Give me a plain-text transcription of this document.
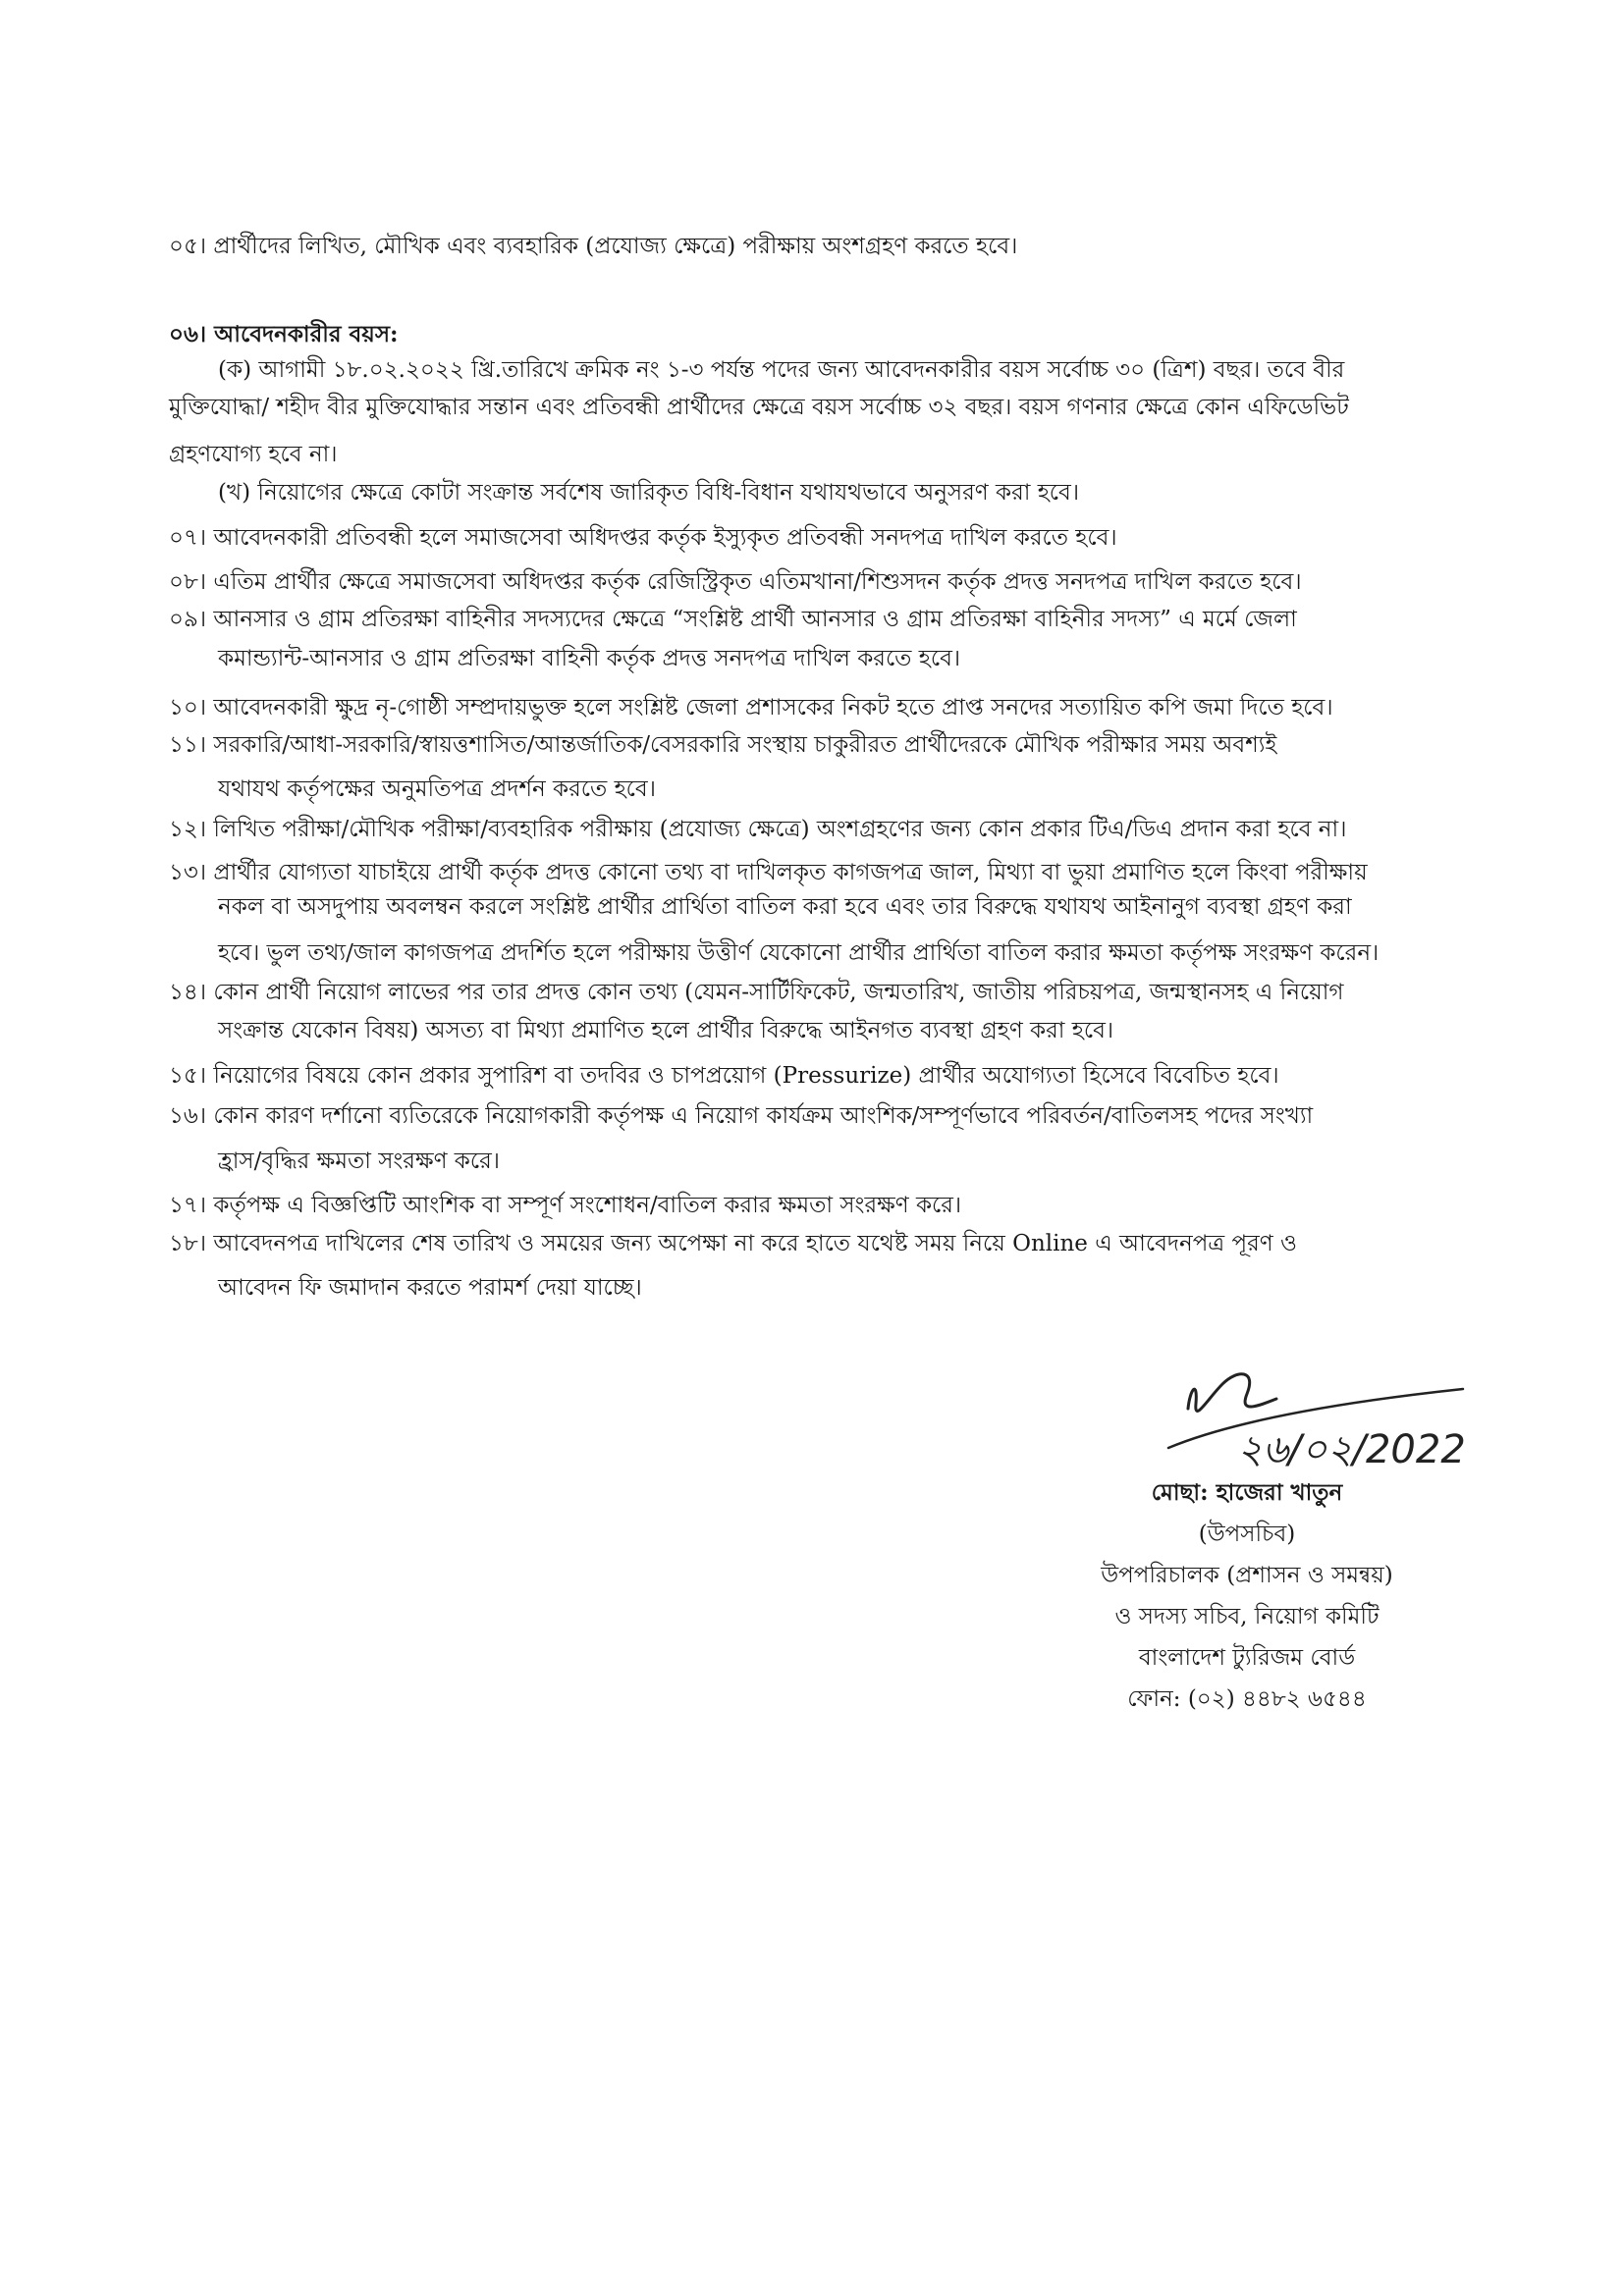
০৫। প্রার্থীদের লিখিত, মৌখিক এবং ব্যবহারিক (প্রযোজ্য ক্ষেত্রে) পরীক্ষায় অংশগ্রহণ করতে হবে।
০৬। আবেদনকারীর বয়স:
(ক) আগামী ১৮.০২.২০২২ খ্রি.তারিখে ক্রমিক নং ১-৩ পর্যন্ত পদের জন্য আবেদনকারীর বয়স সর্বোচ্চ ৩০ (ত্রিশ) বছর। তবে বীর
মুক্তিযোদ্ধা/ শহীদ বীর মুক্তিযোদ্ধার সন্তান এবং প্রতিবন্ধী প্রার্থীদের ক্ষেত্রে বয়স সর্বোচ্চ ৩২ বছর। বয়স গণনার ক্ষেত্রে কোন এফিডেভিট
গ্রহণযোগ্য হবে না।
(খ) নিয়োগের ক্ষেত্রে কোটা সংক্রান্ত সর্বশেষ জারিকৃত বিধি-বিধান যথাযথভাবে অনুসরণ করা হবে।
০৭। আবেদনকারী প্রতিবন্ধী হলে সমাজসেবা অধিদপ্তর কর্তৃক ইস্যুকৃত প্রতিবন্ধী সনদপত্র দাখিল করতে হবে।
০৮। এতিম প্রার্থীর ক্ষেত্রে সমাজসেবা অধিদপ্তর কর্তৃক রেজিস্ট্রিকৃত এতিমখানা/শিশুসদন কর্তৃক প্রদত্ত সনদপত্র দাখিল করতে হবে।
০৯। আনসার ও গ্রাম প্রতিরক্ষা বাহিনীর সদস্যদের ক্ষেত্রে “সংশ্লিষ্ট প্রার্থী আনসার ও গ্রাম প্রতিরক্ষা বাহিনীর সদস্য” এ মর্মে জেলা
কমান্ড্যান্ট-আনসার ও গ্রাম প্রতিরক্ষা বাহিনী কর্তৃক প্রদত্ত সনদপত্র দাখিল করতে হবে।
১০। আবেদনকারী ক্ষুদ্র নৃ-গোষ্ঠী সম্প্রদায়ভুক্ত হলে সংশ্লিষ্ট জেলা প্রশাসকের নিকট হতে প্রাপ্ত সনদের সত্যায়িত কপি জমা দিতে হবে।
১১। সরকারি/আধা-সরকারি/স্বায়ত্তশাসিত/আন্তর্জাতিক/বেসরকারি সংস্থায় চাকুরীরত প্রার্থীদেরকে মৌখিক পরীক্ষার সময় অবশ্যই
যথাযথ কর্তৃপক্ষের অনুমতিপত্র প্রদর্শন করতে হবে।
১২। লিখিত পরীক্ষা/মৌখিক পরীক্ষা/ব্যবহারিক পরীক্ষায় (প্রযোজ্য ক্ষেত্রে) অংশগ্রহণের জন্য কোন প্রকার টিএ/ডিএ প্রদান করা হবে না।
১৩। প্রার্থীর যোগ্যতা যাচাইয়ে প্রার্থী কর্তৃক প্রদত্ত কোনো তথ্য বা দাখিলকৃত কাগজপত্র জাল, মিথ্যা বা ভুয়া প্রমাণিত হলে কিংবা পরীক্ষায়
নকল বা অসদুপায় অবলম্বন করলে সংশ্লিষ্ট প্রার্থীর প্রার্থিতা বাতিল করা হবে এবং তার বিরুদ্ধে যথাযথ আইনানুগ ব্যবস্থা গ্রহণ করা
হবে। ভুল তথ্য/জাল কাগজপত্র প্রদর্শিত হলে পরীক্ষায় উত্তীর্ণ যেকোনো প্রার্থীর প্রার্থিতা বাতিল করার ক্ষমতা কর্তৃপক্ষ সংরক্ষণ করেন।
১৪। কোন প্রার্থী নিয়োগ লাভের পর তার প্রদত্ত কোন তথ্য (যেমন-সার্টিফিকেট, জন্মতারিখ, জাতীয় পরিচয়পত্র, জন্মস্থানসহ এ নিয়োগ
সংক্রান্ত যেকোন বিষয়) অসত্য বা মিথ্যা প্রমাণিত হলে প্রার্থীর বিরুদ্ধে আইনগত ব্যবস্থা গ্রহণ করা হবে।
১৫। নিয়োগের বিষয়ে কোন প্রকার সুপারিশ বা তদবির ও চাপপ্রয়োগ (Pressurize) প্রার্থীর অযোগ্যতা হিসেবে বিবেচিত হবে।
১৬। কোন কারণ দর্শানো ব্যতিরেকে নিয়োগকারী কর্তৃপক্ষ এ নিয়োগ কার্যক্রম আংশিক/সম্পূর্ণভাবে পরিবর্তন/বাতিলসহ পদের সংখ্যা
হ্রাস/বৃদ্ধির ক্ষমতা সংরক্ষণ করে।
১৭। কর্তৃপক্ষ এ বিজ্ঞপ্তিটি আংশিক বা সম্পূর্ণ সংশোধন/বাতিল করার ক্ষমতা সংরক্ষণ করে।
১৮। আবেদনপত্র দাখিলের শেষ তারিখ ও সময়ের জন্য অপেক্ষা না করে হাতে যথেষ্ট সময় নিয়ে Online এ আবেদনপত্র পূরণ ও
আবেদন ফি জমাদান করতে পরামর্শ দেয়া যাচ্ছে।
২৬/০২/2022
মোছা: হাজেরা খাতুন
(উপসচিব)
উপপরিচালক (প্রশাসন ও সমন্বয়)
ও সদস্য সচিব, নিয়োগ কমিটি
বাংলাদেশ ট্যুরিজম বোর্ড
ফোন: (০২) ৪৪৮২ ৬৫৪৪
